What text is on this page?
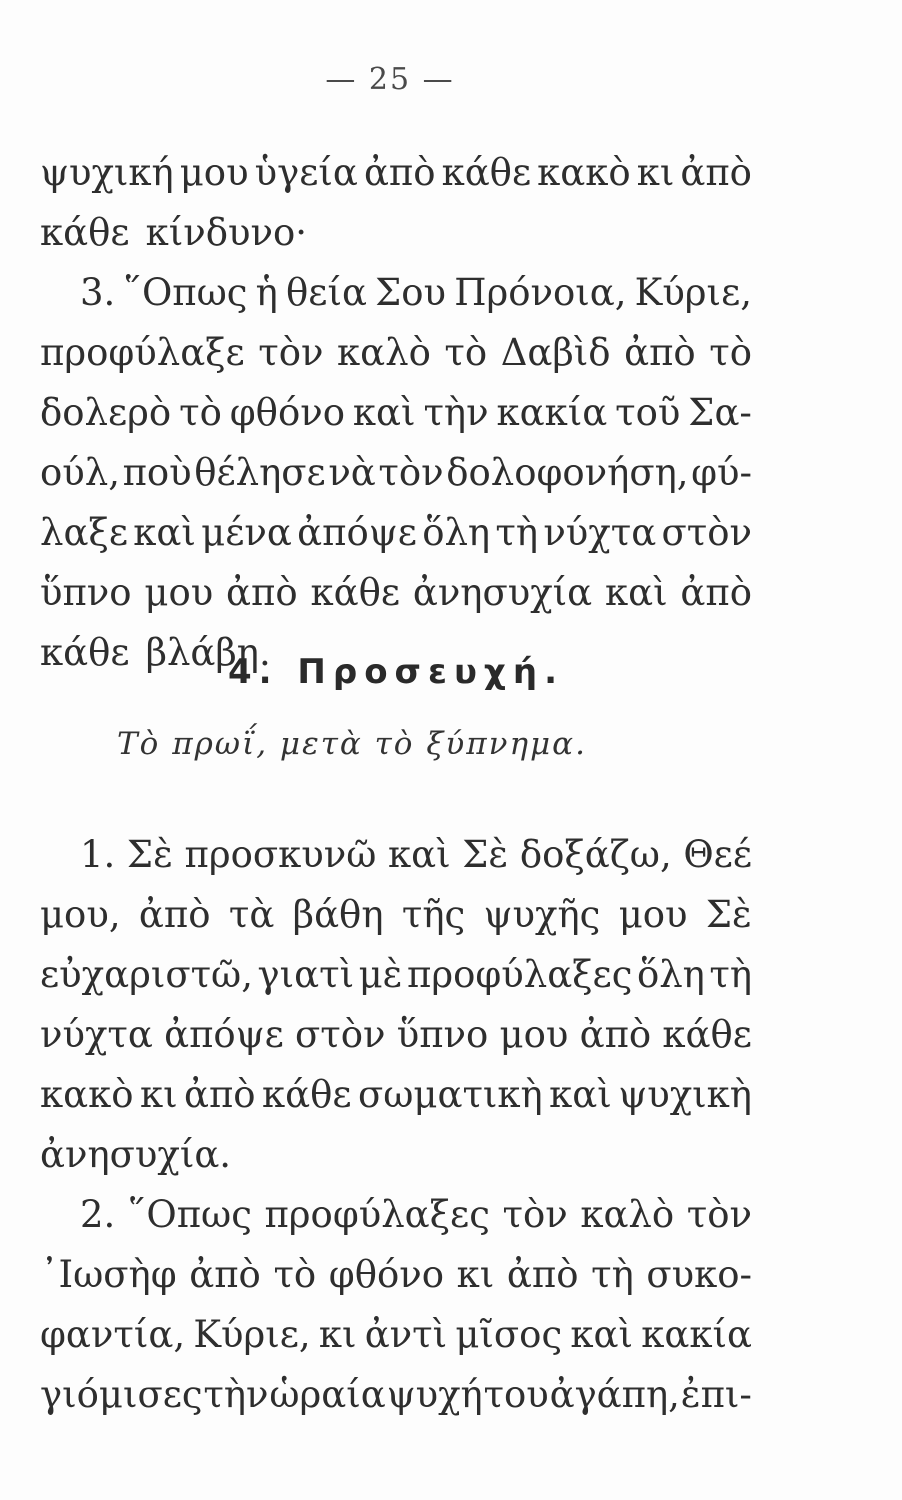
— 25 —
ψυχική μου ὑγεία ἀπὸ κάθε κακὸ κι ἀπὸ
κάθε κίνδυνο·
3. ῞Οπως ἡ θεία Σου Πρόνοια, Κύριε,
προφύλαξε τὸν καλὸ τὸ Δαβὶδ ἀπὸ τὸ
δολερὸ τὸ φθόνο καὶ τὴν κακία τοῦ Σα-
ούλ, ποὺ θέλησε νὰ τὸν δολοφονήση, φύ-
λαξε καὶ μένα ἀπόψε ὅλη τὴ νύχτα στὸν
ὕπνο μου ἀπὸ κάθε ἀνησυχία καὶ ἀπὸ
κάθε βλάβη.
4. Προσευχή.
Τὸ πρωΐ, μετὰ τὸ ξύπνημα.
1. Σὲ προσκυνῶ καὶ Σὲ δοξάζω, Θεέ
μου, ἀπὸ τὰ βάθη τῆς ψυχῆς μου Σὲ
εὐχαριστῶ, γιατὶ μὲ προφύλαξες ὅλη τὴ
νύχτα ἀπόψε στὸν ὕπνο μου ἀπὸ κάθε
κακὸ κι ἀπὸ κάθε σωματικὴ καὶ ψυχικὴ
ἀνησυχία.
2. ῞Οπως προφύλαξες τὸν καλὸ τὸν
᾿Ιωσὴφ ἀπὸ τὸ φθόνο κι ἀπὸ τὴ συκο-
φαντία, Κύριε, κι ἀντὶ μῖσος καὶ κακία
γιόμισες τὴν ὡραία ψυχή του ἀγάπη, ἐπι-
